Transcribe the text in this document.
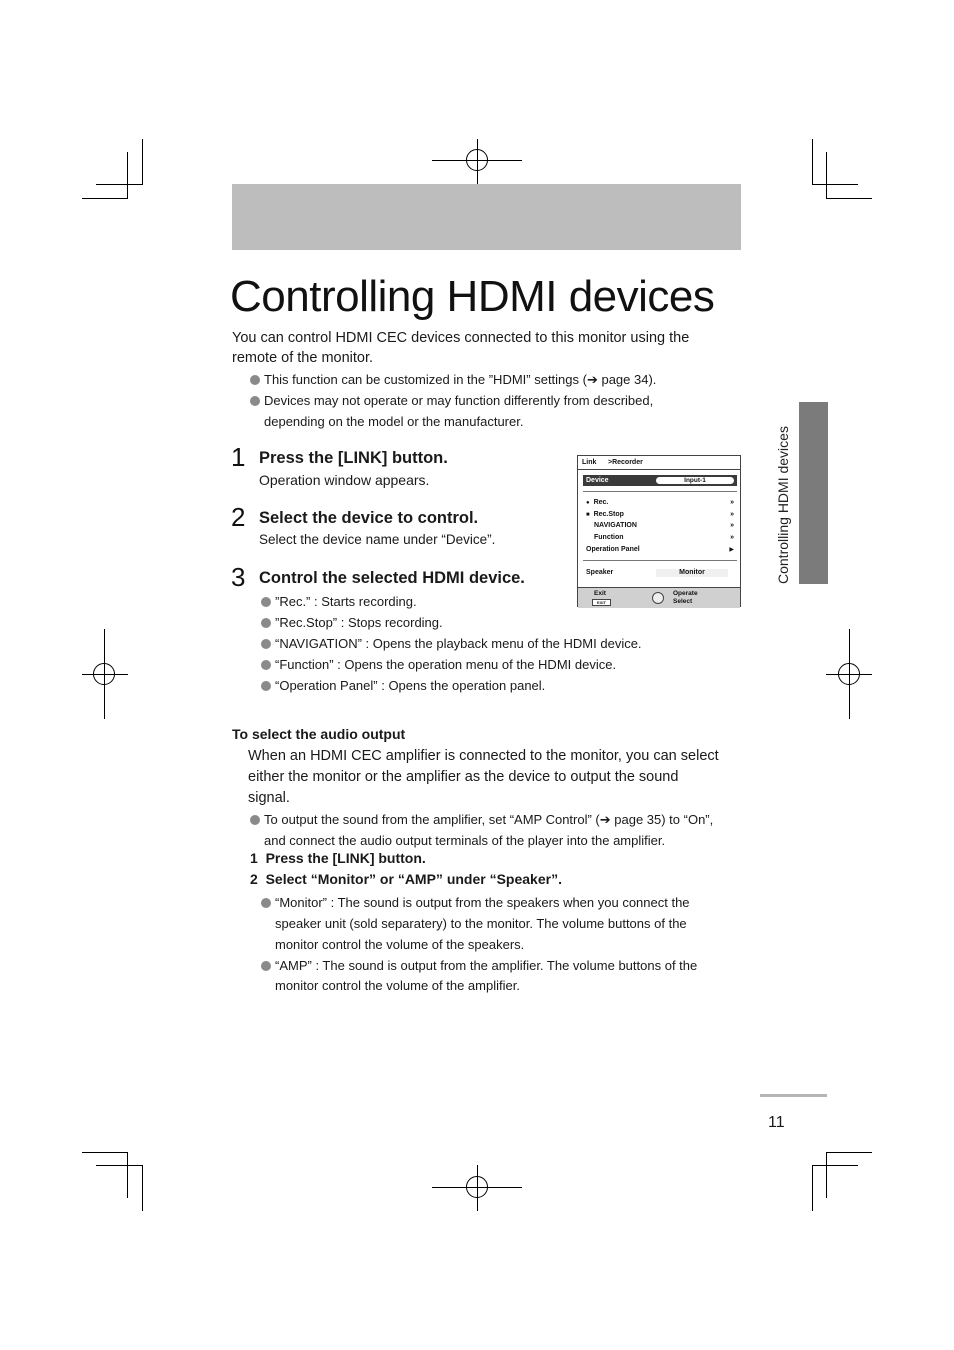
Controlling HDMI devices

You can control HDMI CEC devices connected to this monitor using the remote of the monitor.

This function can be customized in the ”HDMI” settings (➔ page 34).
Devices may not operate or may function differently from described,
depending on the model or the manufacturer.
1 Press the [LINK] button.
Operation window appears.
2 Select the device to control.
Select the device name under “Device”.
3 Control the selected HDMI device.
”Rec.” : Starts recording.
”Rec.Stop” : Stops recording.
“NAVIGATION” : Opens the playback menu of the HDMI device.
“Function” : Opens the operation menu of the HDMI device.
“Operation Panel” : Opens the operation panel.
Link >Recorder
Device	Input-1
● Rec.	»
■ Rec.Stop	»
NAVIGATION	»
Function	»
Operation Panel	▶
Speaker	Monitor
Exit
EXIT
Operate
Select
To select the audio output
When an HDMI CEC amplifier is connected to the monitor, you can select
either the monitor or the amplifier as the device to output the sound
signal.
To output the sound from the amplifier, set “AMP Control” (➔ page 35) to “On”,
and connect the audio output terminals of the player into the amplifier.
1 Press the [LINK] button.
2 Select “Monitor” or “AMP” under “Speaker”.
“Monitor” : The sound is output from the speakers when you connect the
speaker unit (sold separatery) to the monitor. The volume buttons of the
monitor control the volume of the speakers.
“AMP” : The sound is output from the amplifier. The volume buttons of the
monitor control the volume of the amplifier.
Controlling HDMI devices
11
